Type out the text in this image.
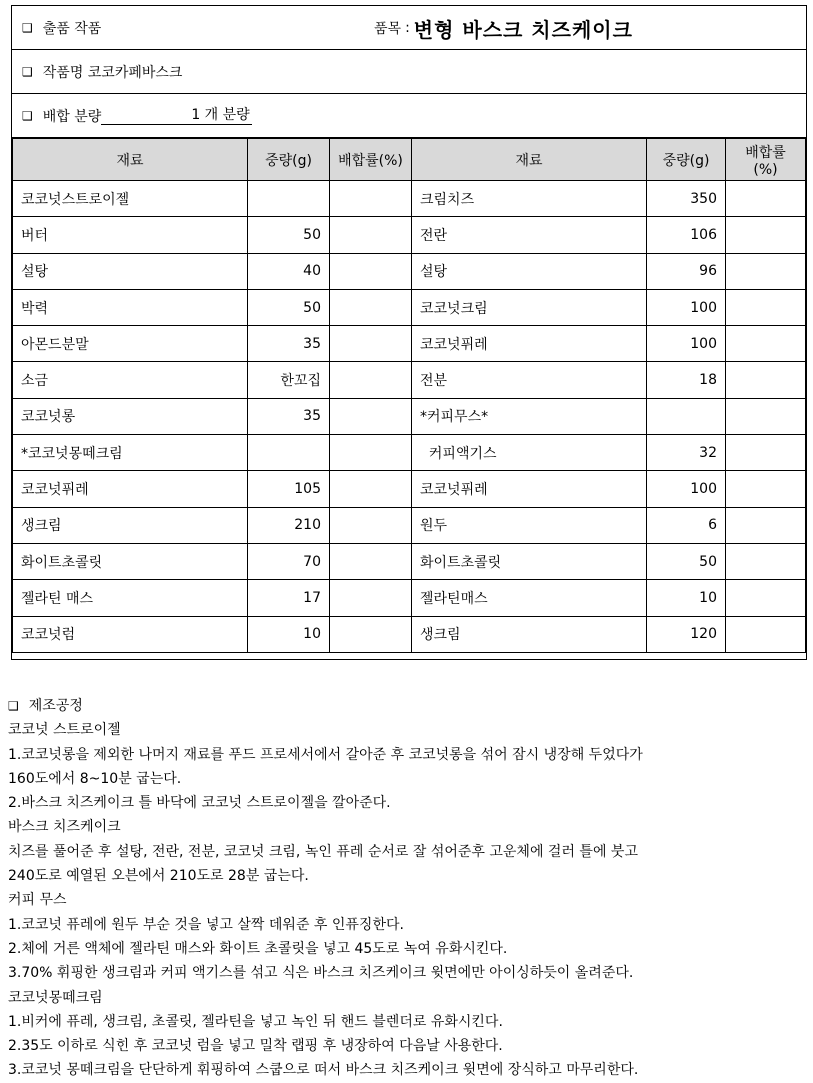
❑ 출품 작품	품목 : 변형 바스크 치즈케이크
❑ 작품명 코코카페바스크
❑ 배합 분량	1 개 분량
재료	중량(g)	배합률(%)	재료	중량(g)	배합률(%)
코코넛스트로이젤			크림치즈	350	
버터	50		전란	106	
설탕	40		설탕	96	
박력	50		코코넛크림	100	
아몬드분말	35		코코넛퓌레	100	
소금	한꼬집		전분	18	
코코넛롱	35		*커피무스*		
*코코넛몽떼크림			커피액기스	32	
코코넛퓌레	105		코코넛퓌레	100	
생크림	210		원두	6	
화이트초콜릿	70		화이트초콜릿	50	
젤라틴 매스	17		젤라틴매스	10	
코코넛럼	10		생크림	120	
❑ 제조공정
코코넛 스트로이젤
1.코코넛롱을 제외한 나머지 재료를 푸드 프로세서에서 갈아준 후 코코넛롱을 섞어 잠시 냉장해 두었다가
160도에서 8~10분 굽는다.
2.바스크 치즈케이크 틀 바닥에 코코넛 스트로이젤을 깔아준다.
바스크 치즈케이크
치즈를 풀어준 후 설탕, 전란, 전분, 코코넛 크림, 녹인 퓨레 순서로 잘 섞어준후 고운체에 걸러 틀에 붓고
240도로 예열된 오븐에서 210도로 28분 굽는다.
커피 무스
1.코코넛 퓨레에 원두 부순 것을 넣고 살짝 데워준 후 인퓨징한다.
2.체에 거른 액체에 젤라틴 매스와 화이트 초콜릿을 넣고 45도로 녹여 유화시킨다.
3.70% 휘핑한 생크림과 커피 액기스를 섞고 식은 바스크 치즈케이크 윗면에만 아이싱하듯이 올려준다.
코코넛몽떼크림
1.비커에 퓨레, 생크림, 초콜릿, 젤라틴을 넣고 녹인 뒤 핸드 블렌더로 유화시킨다.
2.35도 이하로 식힌 후 코코넛 럼을 넣고 밀착 랩핑 후 냉장하여 다음날 사용한다.
3.코코넛 몽떼크림을 단단하게 휘핑하여 스쿱으로 떠서 바스크 치즈케이크 윗면에 장식하고 마무리한다.
